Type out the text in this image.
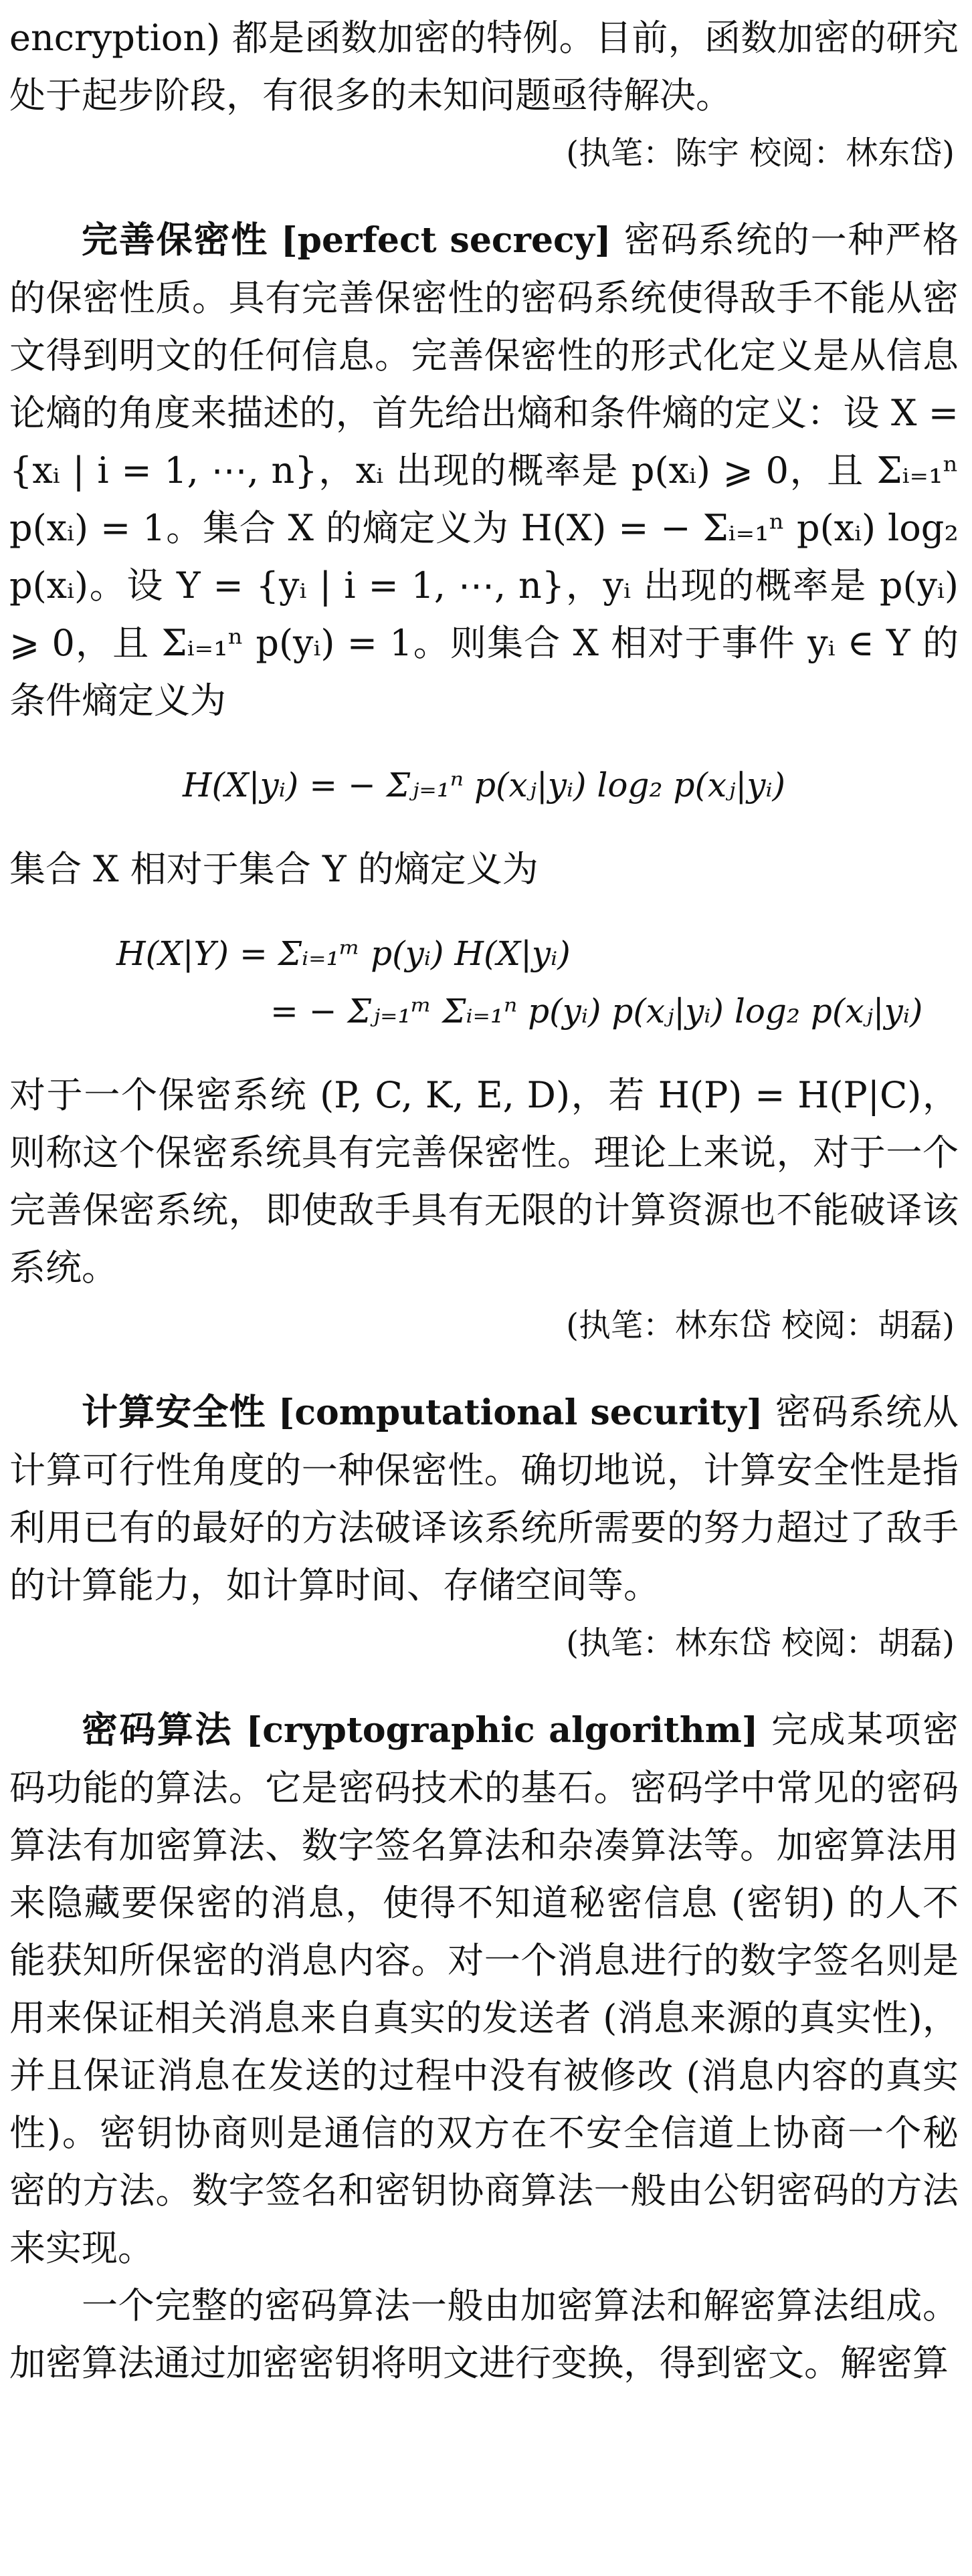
encryption) 都是函数加密的特例。目前，函数加密的研究处于起步阶段，有很多的未知问题亟待解决。

(执笔：陈宇 校阅：林东岱)

完善保密性 [perfect secrecy] 密码系统的一种严格的保密性质。具有完善保密性的密码系统使得敌手不能从密文得到明文的任何信息。完善保密性的形式化定义是从信息论熵的角度来描述的，首先给出熵和条件熵的定义：设 X = {xᵢ | i = 1, ⋯, n}，xᵢ 出现的概率是 p(xᵢ) ⩾ 0，且 Σᵢ₌₁ⁿ p(xᵢ) = 1。集合 X 的熵定义为 H(X) = − Σᵢ₌₁ⁿ p(xᵢ) log₂ p(xᵢ)。设 Y = {yᵢ | i = 1, ⋯, n}，yᵢ 出现的概率是 p(yᵢ) ⩾ 0，且 Σᵢ₌₁ⁿ p(yᵢ) = 1。则集合 X 相对于事件 yᵢ ∈ Y 的条件熵定义为

H(X|yᵢ) = − Σⱼ₌₁ⁿ p(xⱼ|yᵢ) log₂ p(xⱼ|yᵢ)

集合 X 相对于集合 Y 的熵定义为

H(X|Y) = Σᵢ₌₁ᵐ p(yᵢ) H(X|yᵢ)
= − Σⱼ₌₁ᵐ Σᵢ₌₁ⁿ p(yᵢ) p(xⱼ|yᵢ) log₂ p(xⱼ|yᵢ)

对于一个保密系统 (P, C, K, E, D)，若 H(P) = H(P|C)，则称这个保密系统具有完善保密性。理论上来说，对于一个完善保密系统，即使敌手具有无限的计算资源也不能破译该系统。

(执笔：林东岱 校阅：胡磊)

计算安全性 [computational security] 密码系统从计算可行性角度的一种保密性。确切地说，计算安全性是指利用已有的最好的方法破译该系统所需要的努力超过了敌手的计算能力，如计算时间、存储空间等。

(执笔：林东岱 校阅：胡磊)

密码算法 [cryptographic algorithm] 完成某项密码功能的算法。它是密码技术的基石。密码学中常见的密码算法有加密算法、数字签名算法和杂凑算法等。加密算法用来隐藏要保密的消息，使得不知道秘密信息 (密钥) 的人不能获知所保密的消息内容。对一个消息进行的数字签名则是用来保证相关消息来自真实的发送者 (消息来源的真实性)，并且保证消息在发送的过程中没有被修改 (消息内容的真实性)。密钥协商则是通信的双方在不安全信道上协商一个秘密的方法。数字签名和密钥协商算法一般由公钥密码的方法来实现。

一个完整的密码算法一般由加密算法和解密算法组成。加密算法通过加密密钥将明文进行变换，得到密文。解密算
